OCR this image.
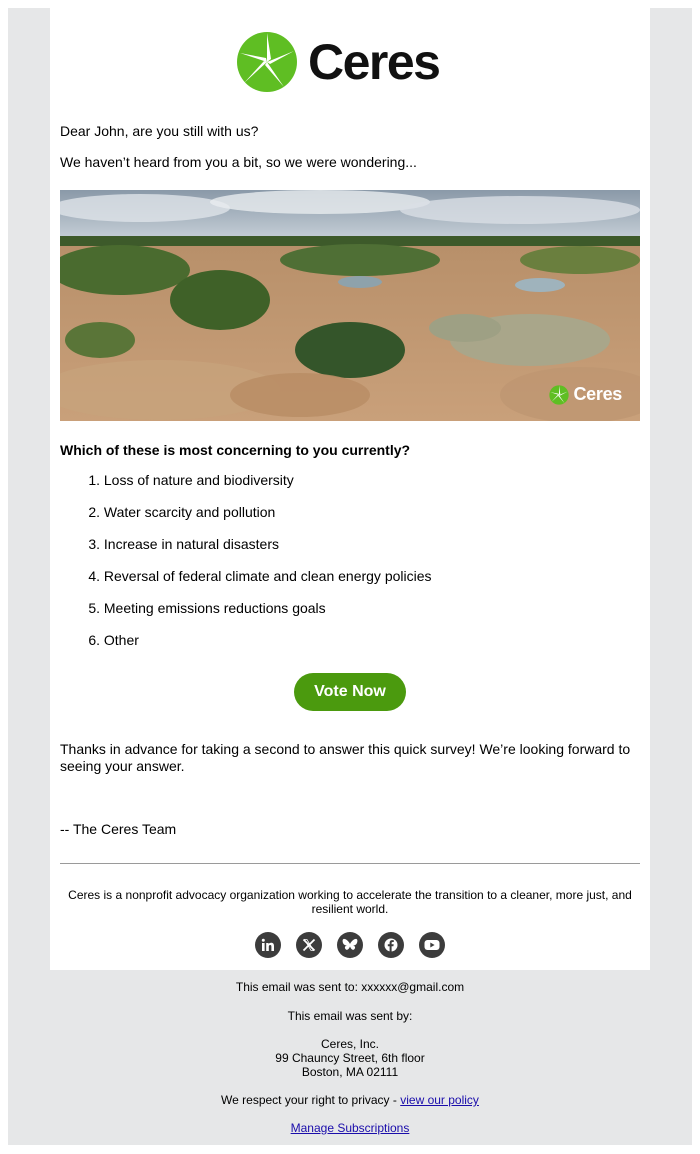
Ceres
Dear John, are you still with us?
We haven’t heard from you a bit, so we were wondering...
Ceres
Which of these is most concerning to you currently?
1.
Loss of nature and biodiversity
2.
Water scarcity and pollution
3.
Increase in natural disasters
4.
Reversal of federal climate and clean energy policies
5.
Meeting emissions reductions goals
6.
Other
Vote Now
Thanks in advance for taking a second to answer this quick survey! We’re looking forward to seeing your answer.
-- The Ceres Team
Ceres is a nonprofit advocacy organization working to accelerate the transition to a cleaner, more just, and resilient world.
This email was sent to: xxxxxx@gmail.com
This email was sent by:
Ceres, Inc.
99 Chauncy Street, 6th floor
Boston, MA 02111
We respect your right to privacy - view our policy
Manage Subscriptions
